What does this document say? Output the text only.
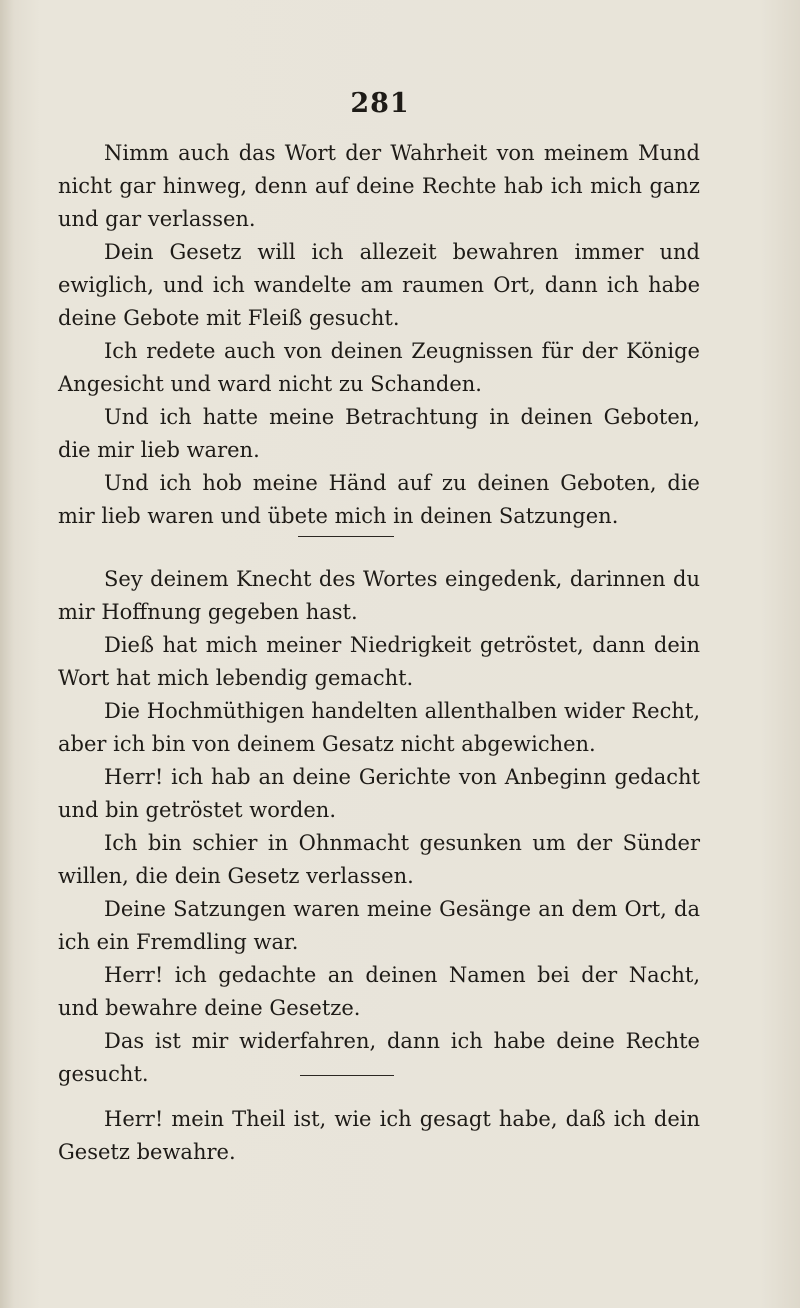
281

Nimm auch das Wort der Wahrheit von meinem Mund nicht gar hinweg, denn auf deine Rechte hab ich mich ganz und gar verlassen.

Dein Gesetz will ich allezeit bewahren immer und ewiglich, und ich wandelte am raumen Ort, dann ich habe deine Gebote mit Fleiß gesucht.

Ich redete auch von deinen Zeugnissen für der Könige Angesicht und ward nicht zu Schanden.

Und ich hatte meine Betrachtung in deinen Geboten, die mir lieb waren.

Und ich hob meine Händ auf zu deinen Geboten, die mir lieb waren und übete mich in deinen Satzungen.

Sey deinem Knecht des Wortes eingedenk, darinnen du mir Hoffnung gegeben hast.

Dieß hat mich meiner Niedrigkeit getröstet, dann dein Wort hat mich lebendig gemacht.

Die Hochmüthigen handelten allenthalben wider Recht, aber ich bin von deinem Gesatz nicht abgewichen.

Herr! ich hab an deine Gerichte von Anbeginn gedacht und bin getröstet worden.

Ich bin schier in Ohnmacht gesunken um der Sünder willen, die dein Gesetz verlassen.

Deine Satzungen waren meine Gesänge an dem Ort, da ich ein Fremdling war.

Herr! ich gedachte an deinen Namen bei der Nacht, und bewahre deine Gesetze.

Das ist mir widerfahren, dann ich habe deine Rechte gesucht.

Herr! mein Theil ist, wie ich gesagt habe, daß ich dein Gesetz bewahre.
